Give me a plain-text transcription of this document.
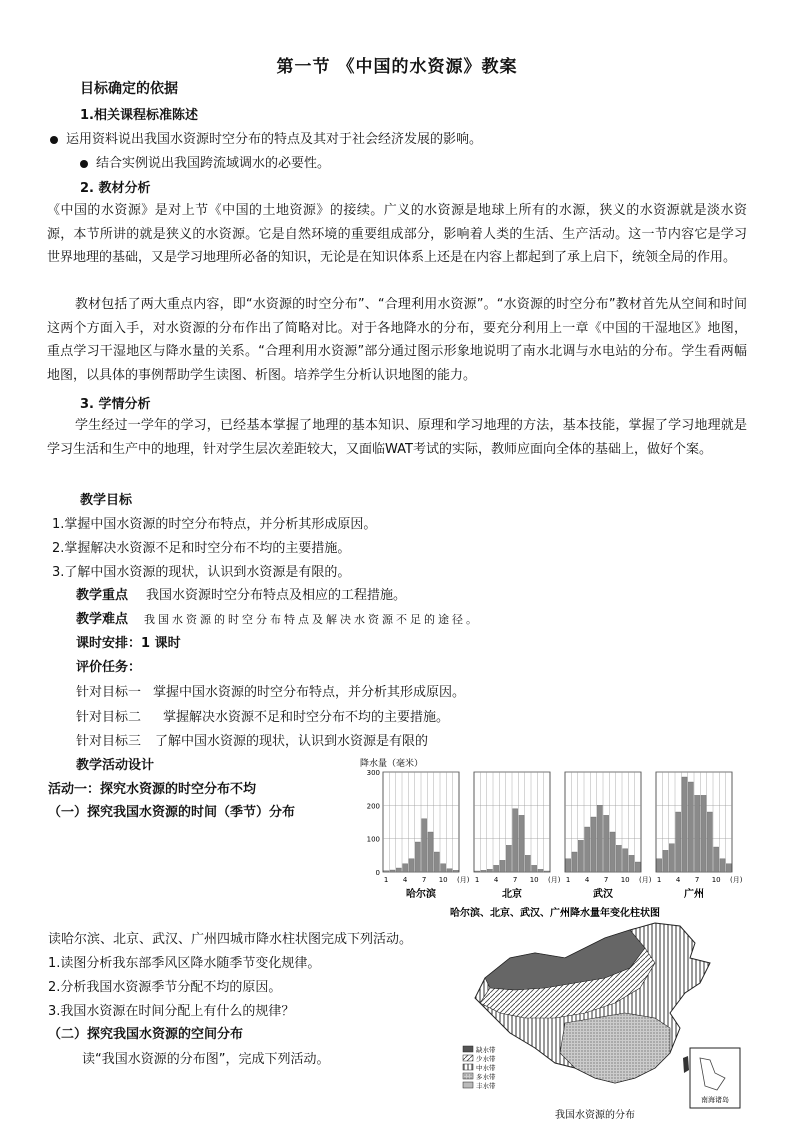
第一节 《中国的水资源》教案
目标确定的依据
1.相关课程标准陈述
运用资料说出我国水资源时空分布的特点及其对于社会经济发展的影响。
结合实例说出我国跨流域调水的必要性。
2. 教材分析
《中国的水资源》是对上节《中国的土地资源》的接续。广义的水资源是地球上所有的水源，狭义的水资源就是淡水资源，本节所讲的就是狭义的水资源。它是自然环境的重要组成部分，影响着人类的生活、生产活动。这一节内容它是学习世界地理的基础，又是学习地理所必备的知识，无论是在知识体系上还是在内容上都起到了承上启下，统领全局的作用。
教材包括了两大重点内容，即“水资源的时空分布”、“合理利用水资源”。“水资源的时空分布”教材首先从空间和时间这两个方面入手，对水资源的分布作出了简略对比。对于各地降水的分布，要充分利用上一章《中国的干湿地区》地图，重点学习干湿地区与降水量的关系。“合理利用水资源”部分通过图示形象地说明了南水北调与水电站的分布。学生看两幅地图，以具体的事例帮助学生读图、析图。培养学生分析认识地图的能力。
3. 学情分析
学生经过一学年的学习，已经基本掌握了地理的基本知识、原理和学习地理的方法，基本技能，掌握了学习地理就是学习生活和生产中的地理，针对学生层次差距较大，又面临WAT考试的实际，教师应面向全体的基础上，做好个案。
教学目标
1.掌握中国水资源的时空分布特点，并分析其形成原因。
2.掌握解决水资源不足和时空分布不均的主要措施。
3.了解中国水资源的现状，认识到水资源是有限的。
教学重点 我国水资源时空分布特点及相应的工程措施。
教学难点 我国水资源的时空分布特点及解决水资源不足的途径。
课时安排：1 课时
评价任务：
针对目标一 掌握中国水资源的时空分布特点，并分析其形成原因。
针对目标二 掌握解决水资源不足和时空分布不均的主要措施。
针对目标三 了解中国水资源的现状，认识到水资源是有限的
教学活动设计
活动一：探究水资源的时空分布不均
（一）探究我国水资源的时间（季节）分布
降水量（毫米）
0
100
200
300
1 4 7 10 (月)
哈尔滨
1 4 7 10 (月)
北京
1 4 7 10 (月)
武汉
1 4 7 10 (月)
广州
哈尔滨、北京、武汉、广州降水量年变化柱状图
读哈尔滨、北京、武汉、广州四城市降水柱状图完成下列活动。
1.读图分析我东部季风区降水随季节变化规律。
2.分析我国水资源季节分配不均的原因。
3.我国水资源在时间分配上有什么的规律？
（二）探究我国水资源的空间分布
读“我国水资源的分布图”，完成下列活动。
缺水带
少水带
中水带
多水带
丰水带
南海诸岛
我国水资源的分布
